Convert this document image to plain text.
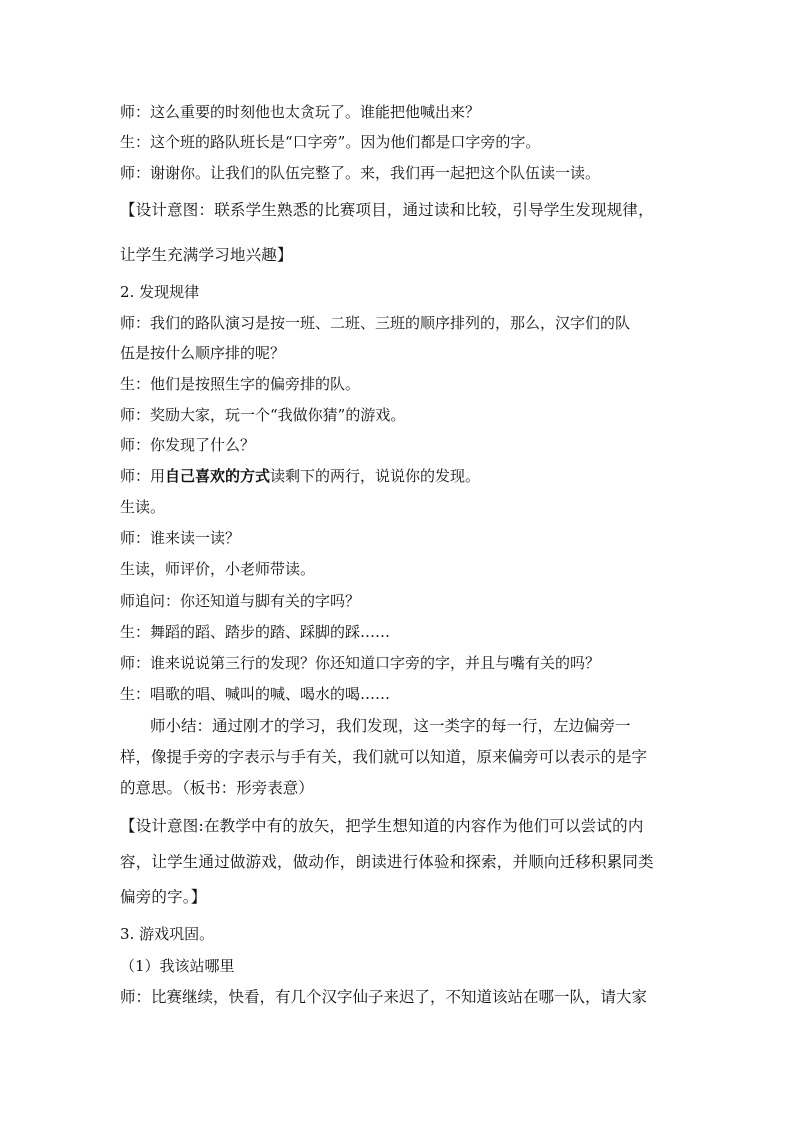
师：这么重要的时刻他也太贪玩了。谁能把他喊出来？
生：这个班的路队班长是“口字旁”。因为他们都是口字旁的字。
师：谢谢你。让我们的队伍完整了。来，我们再一起把这个队伍读一读。
【设计意图：联系学生熟悉的比赛项目，通过读和比较，引导学生发现规律，
让学生充满学习地兴趣】
2. 发现规律
师：我们的路队演习是按一班、二班、三班的顺序排列的，那么，汉字们的队
伍是按什么顺序排的呢？
生：他们是按照生字的偏旁排的队。
师：奖励大家，玩一个“我做你猜”的游戏。
师：你发现了什么？
师：用自己喜欢的方式读剩下的两行，说说你的发现。
生读。
师：谁来读一读？
生读，师评价，小老师带读。
师追问：你还知道与脚有关的字吗？
生：舞蹈的蹈、踏步的踏、踩脚的踩……
师：谁来说说第三行的发现？你还知道口字旁的字，并且与嘴有关的吗？
生：唱歌的唱、喊叫的喊、喝水的喝……
师小结：通过刚才的学习，我们发现，这一类字的每一行，左边偏旁一
样，像提手旁的字表示与手有关，我们就可以知道，原来偏旁可以表示的是字
的意思。（板书：形旁表意）
【设计意图:在教学中有的放矢，把学生想知道的内容作为他们可以尝试的内
容，让学生通过做游戏，做动作，朗读进行体验和探索，并顺向迁移积累同类
偏旁的字。】
3. 游戏巩固。
（1）我该站哪里
师：比赛继续，快看，有几个汉字仙子来迟了，不知道该站在哪一队，请大家
